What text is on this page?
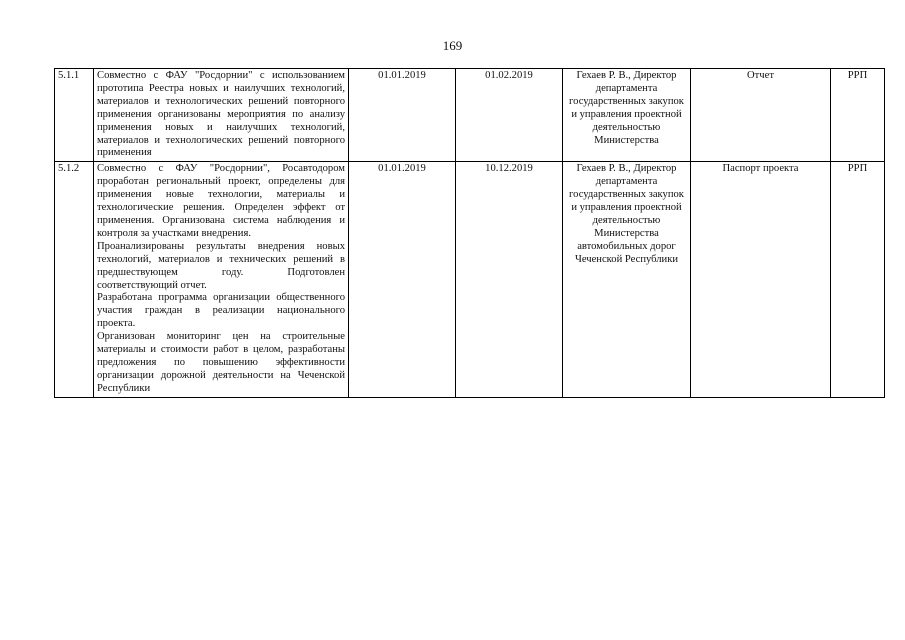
169
5.1.1	Совместно с ФАУ "Росдорнии" с использованием прототипа Реестра новых и наилучших технологий, материалов и технологических решений повторного применения организованы мероприятия по анализу применения новых и наилучших технологий, материалов и технологических решений повторного применения	01.01.2019	01.02.2019	Гехаев Р. В., Директор департамента государственных закупок и управления проектной деятельностью Министерства	Отчет	РРП
5.1.2	Совместно с ФАУ "Росдорнии", Росавтодором проработан региональный проект, определены для применения новые технологии, материалы и технологические решения. Определен эффект от применения. Организована система наблюдения и контроля за участками внедрения.
Проанализированы результаты внедрения новых технологий, материалов и технических решений в предшествующем году. Подготовлен соответствующий отчет.
Разработана программа организации общественного участия граждан в реализации национального проекта.
Организован мониторинг цен на строительные материалы и стоимости работ в целом, разработаны предложения по повышению эффективности организации дорожной деятельности на Чеченской Республики	01.01.2019	10.12.2019	Гехаев Р. В., Директор департамента государственных закупок и управления проектной деятельностью Министерства автомобильных дорог Чеченской Республики	Паспорт проекта	РРП
